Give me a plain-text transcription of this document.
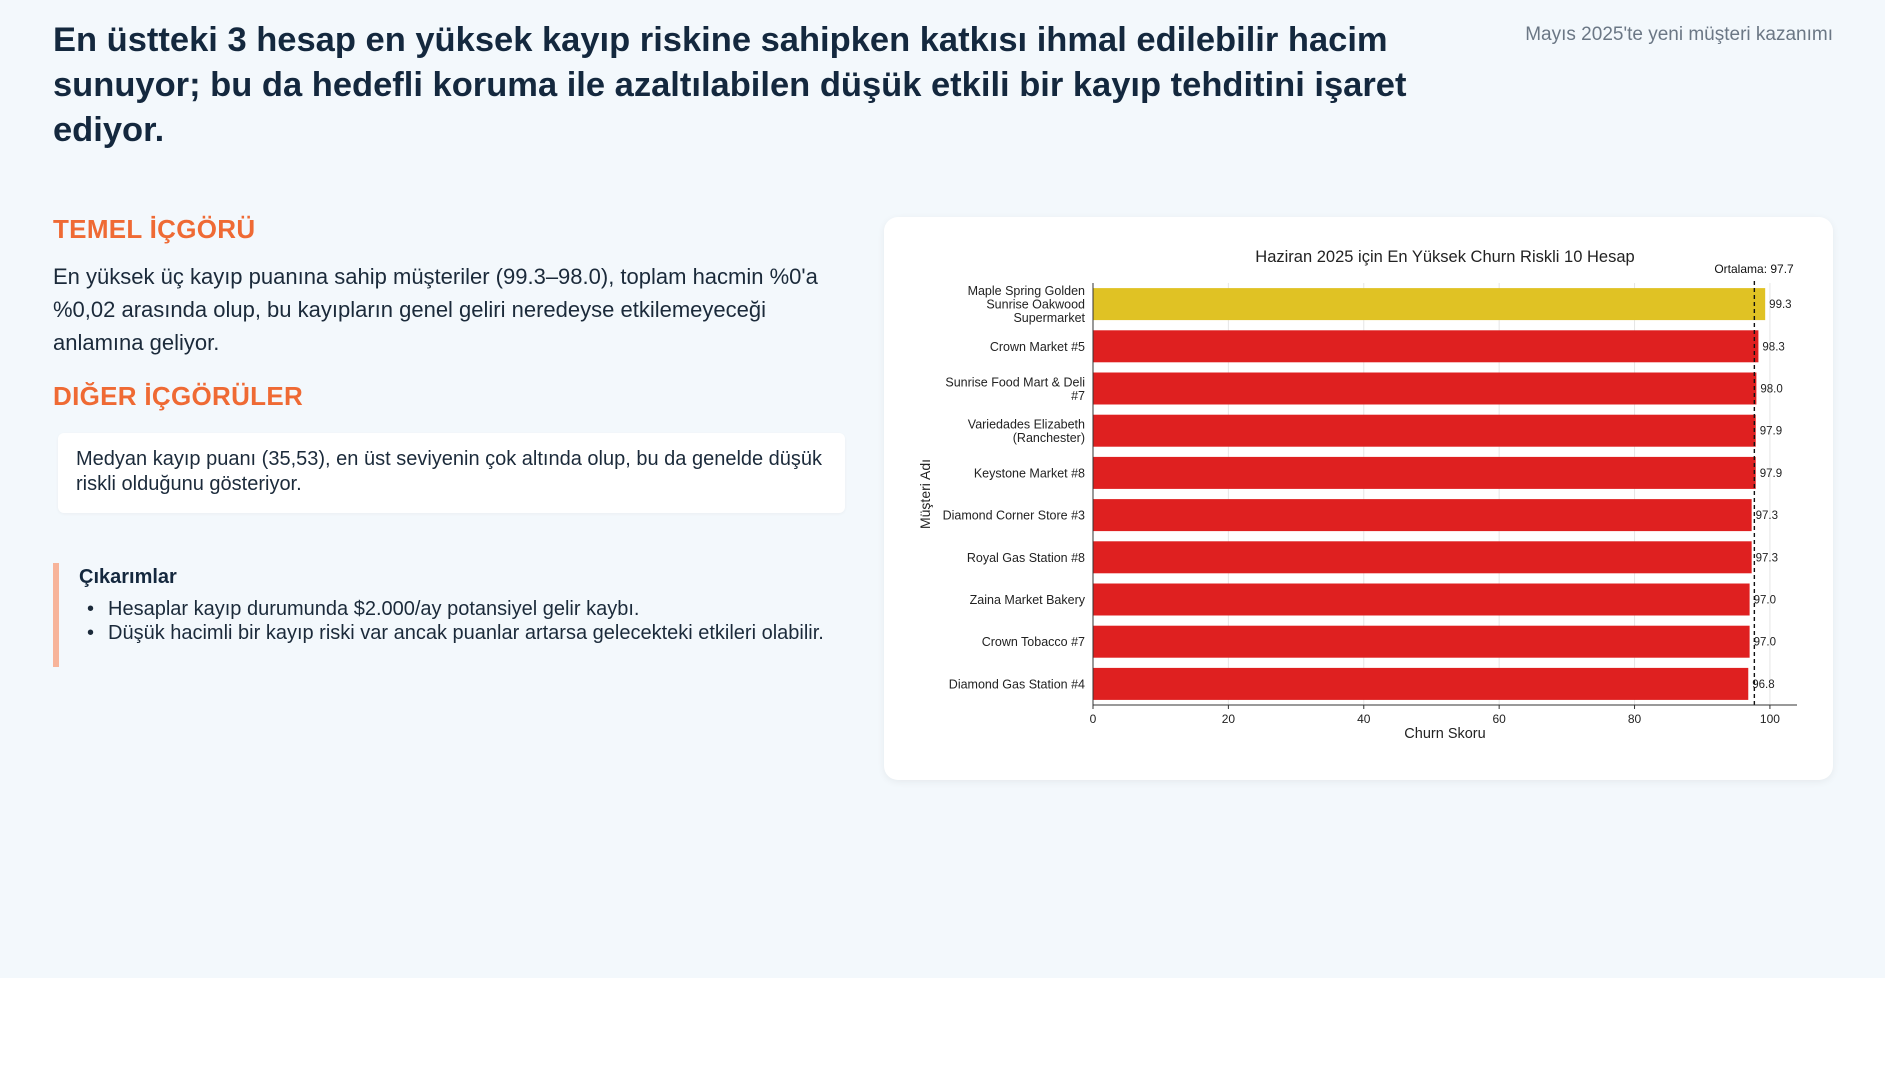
En üstteki 3 hesap en yüksek kayıp riskine sahipken katkısı ihmal edilebilir hacim sunuyor; bu da hedefli koruma ile azaltılabilen düşük etkili bir kayıp tehditini işaret ediyor.
Mayıs 2025'te yeni müşteri kazanımı
TEMEL İÇGÖRÜ

En yüksek üç kayıp puanına sahip müşteriler (99.3–98.0), toplam hacmin %0'a %0,02 arasında olup, bu kayıpların genel geliri neredeyse etkilemeyeceği anlamına geliyor.

DIĞER İÇGÖRÜLER

Medyan kayıp puanı (35,53), en üst seviyenin çok altında olup, bu da genelde düşük riskli olduğunu gösteriyor.

Çıkarımlar
• Hesaplar kayıp durumunda $2.000/ay potansiyel gelir kaybı.
• Düşük hacimli bir kayıp riski var ancak puanlar artarsa gelecekteki etkileri olabilir.
Haziran 2025 için En Yüksek Churn Riskli 10 Hesap
Maple Spring Golden
Sunrise Oakwood
Supermarket
99.3
Crown Market #5	98.3
Sunrise Food Mart & Deli
#7	98.0
Variedades Elizabeth
(Ranchester)	97.9
Keystone Market #8	97.9
Diamond Corner Store #3	97.3
Royal Gas Station #8	97.3
Zaina Market Bakery	97.0
Crown Tobacco #7	97.0
Diamond Gas Station #4	96.8
Ortalama: 97.7
0	20	40	60	80	100
Churn Skoru
Müşteri Adı
